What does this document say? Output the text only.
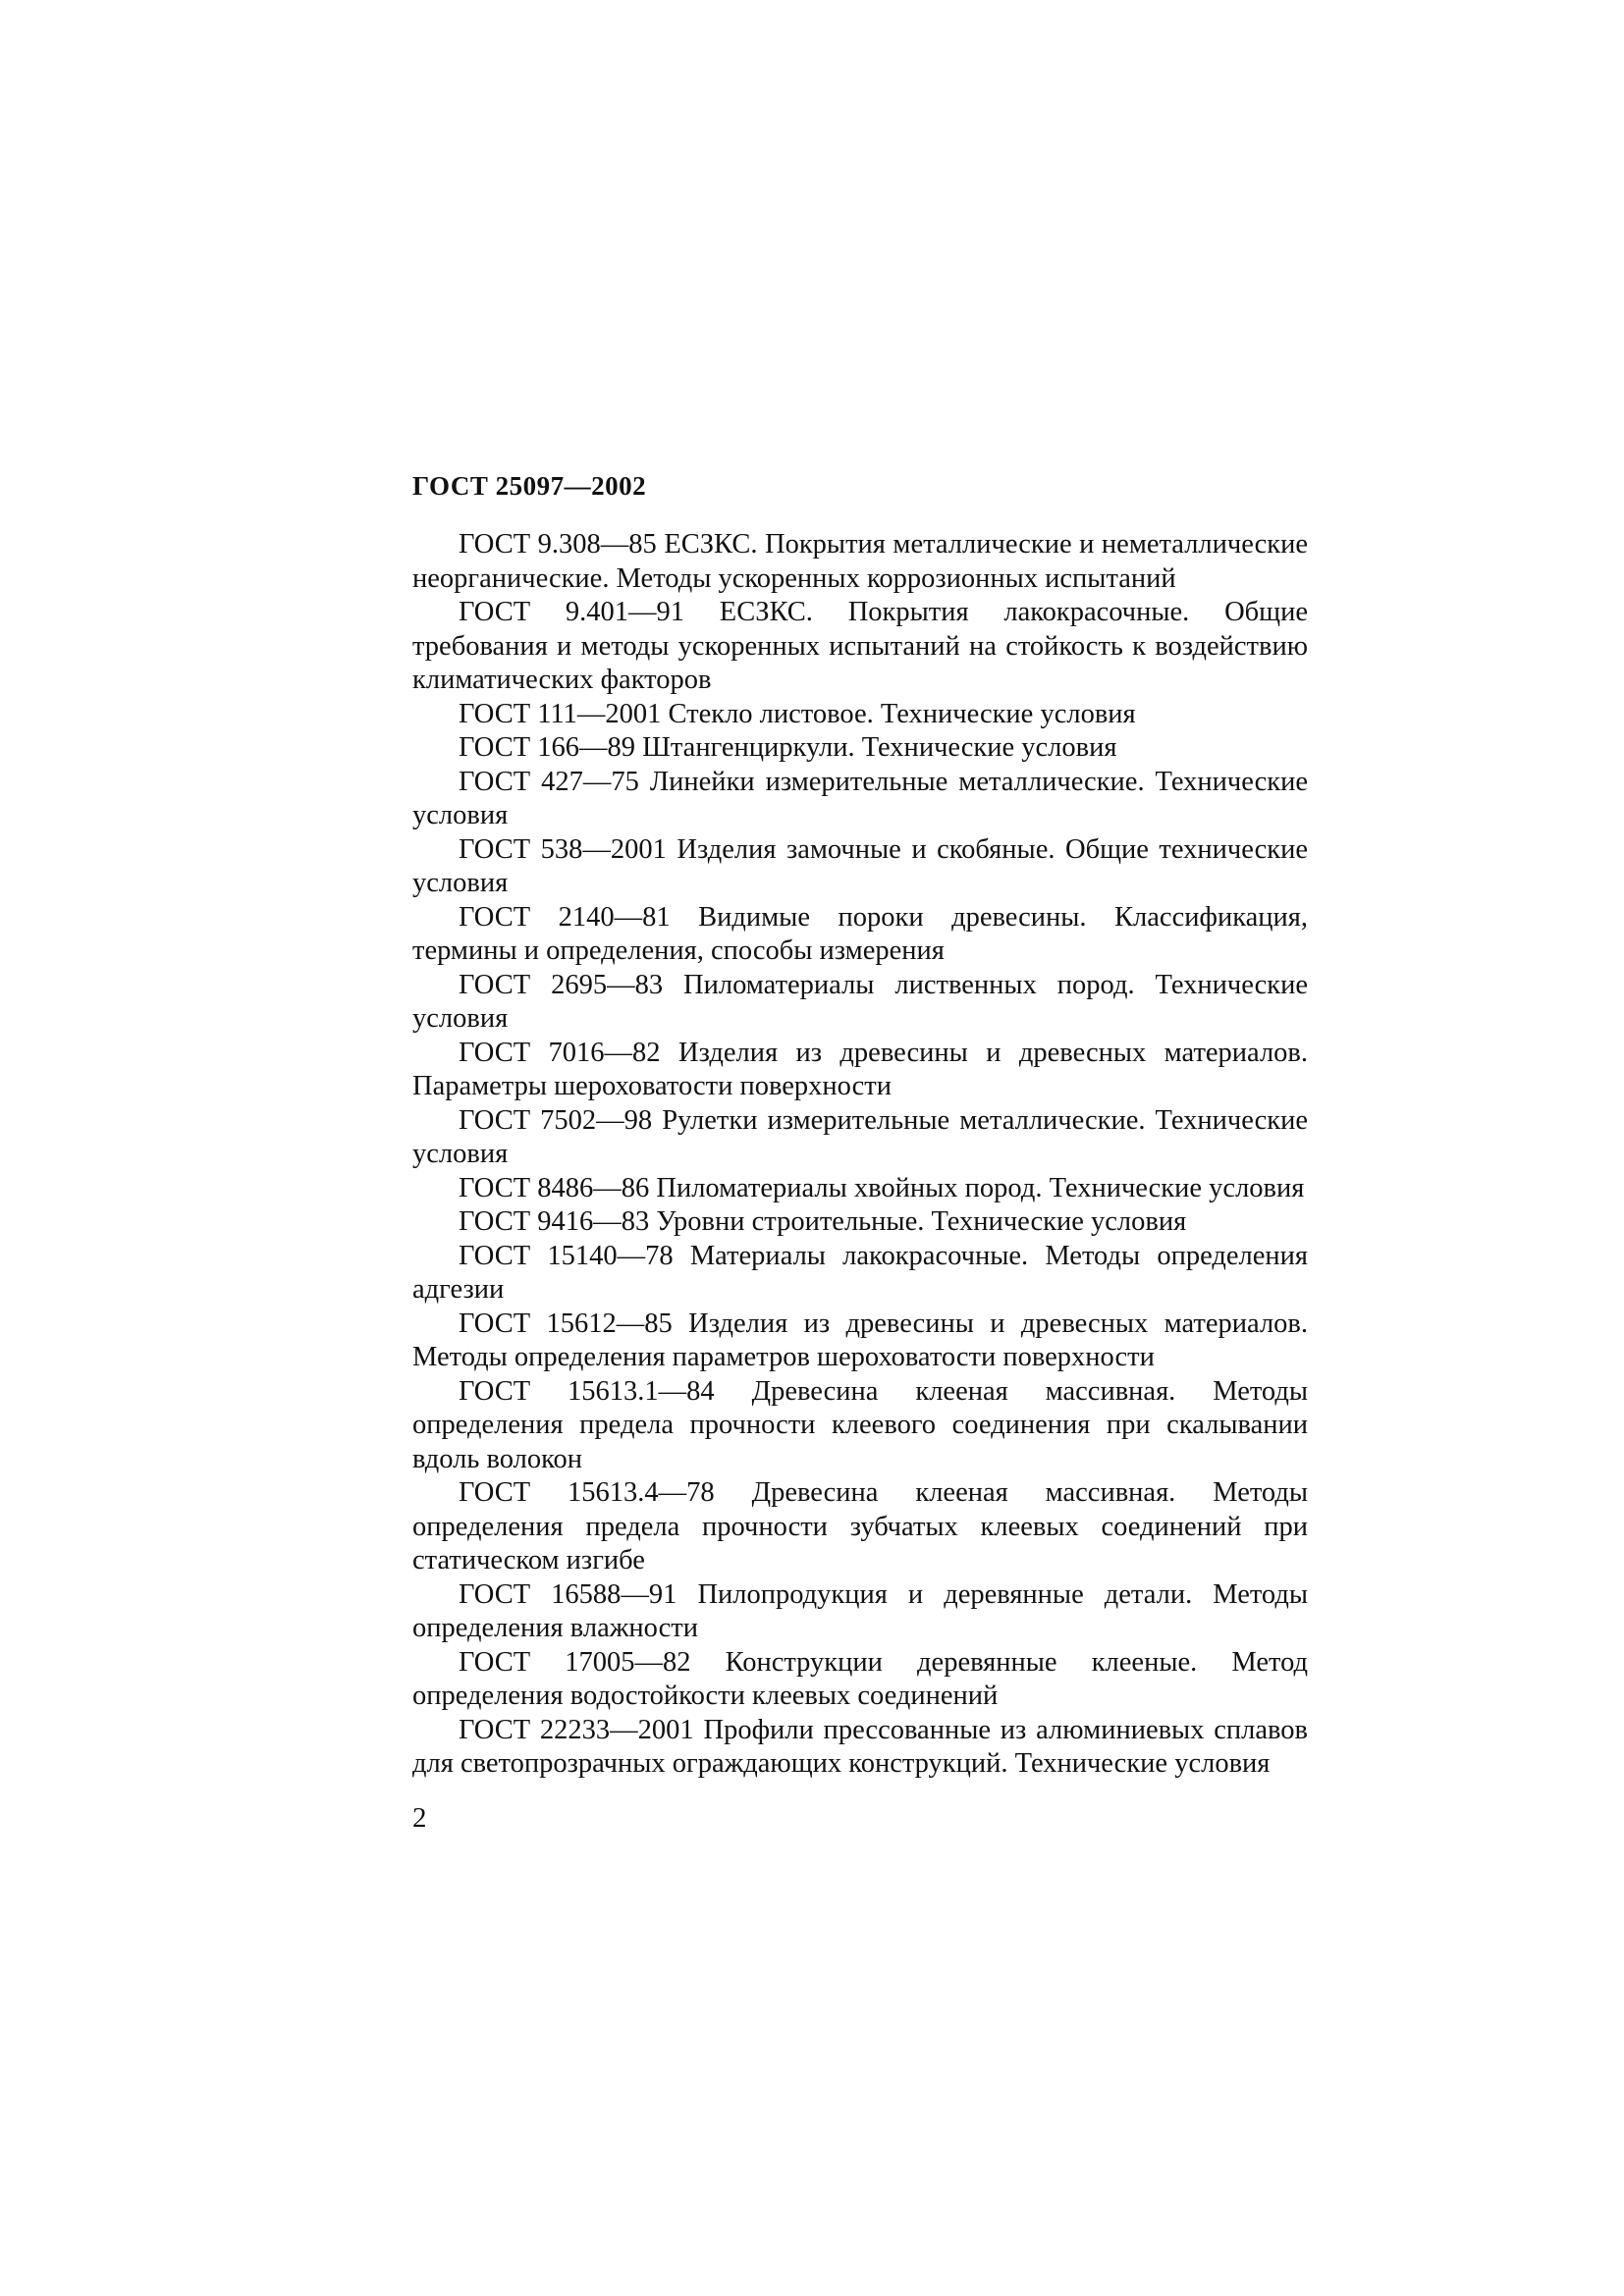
ГОСТ 25097—2002

ГОСТ 9.308—85 ЕСЗКС. Покрытия металлические и неметаллические неорганические. Методы ускоренных коррозионных испытаний
ГОСТ 9.401—91 ЕСЗКС. Покрытия лакокрасочные. Общие требования и методы ускоренных испытаний на стойкость к воздействию климатических факторов
ГОСТ 111—2001 Стекло листовое. Технические условия
ГОСТ 166—89 Штангенциркули. Технические условия
ГОСТ 427—75 Линейки измерительные металлические. Технические условия
ГОСТ 538—2001 Изделия замочные и скобяные. Общие технические условия
ГОСТ 2140—81 Видимые пороки древесины. Классификация, термины и определения, способы измерения
ГОСТ 2695—83 Пиломатериалы лиственных пород. Технические условия
ГОСТ 7016—82 Изделия из древесины и древесных материалов. Параметры шероховатости поверхности
ГОСТ 7502—98 Рулетки измерительные металлические. Технические условия
ГОСТ 8486—86 Пиломатериалы хвойных пород. Технические условия
ГОСТ 9416—83 Уровни строительные. Технические условия
ГОСТ 15140—78 Материалы лакокрасочные. Методы определения адгезии
ГОСТ 15612—85 Изделия из древесины и древесных материалов. Методы определения параметров шероховатости поверхности
ГОСТ 15613.1—84 Древесина клееная массивная. Методы определения предела прочности клеевого соединения при скалывании вдоль волокон
ГОСТ 15613.4—78 Древесина клееная массивная. Методы определения предела прочности зубчатых клеевых соединений при статическом изгибе
ГОСТ 16588—91 Пилопродукция и деревянные детали. Методы определения влажности
ГОСТ 17005—82 Конструкции деревянные клееные. Метод определения водостойкости клеевых соединений
ГОСТ 22233—2001 Профили прессованные из алюминиевых сплавов для светопрозрачных ограждающих конструкций. Технические условия

2
